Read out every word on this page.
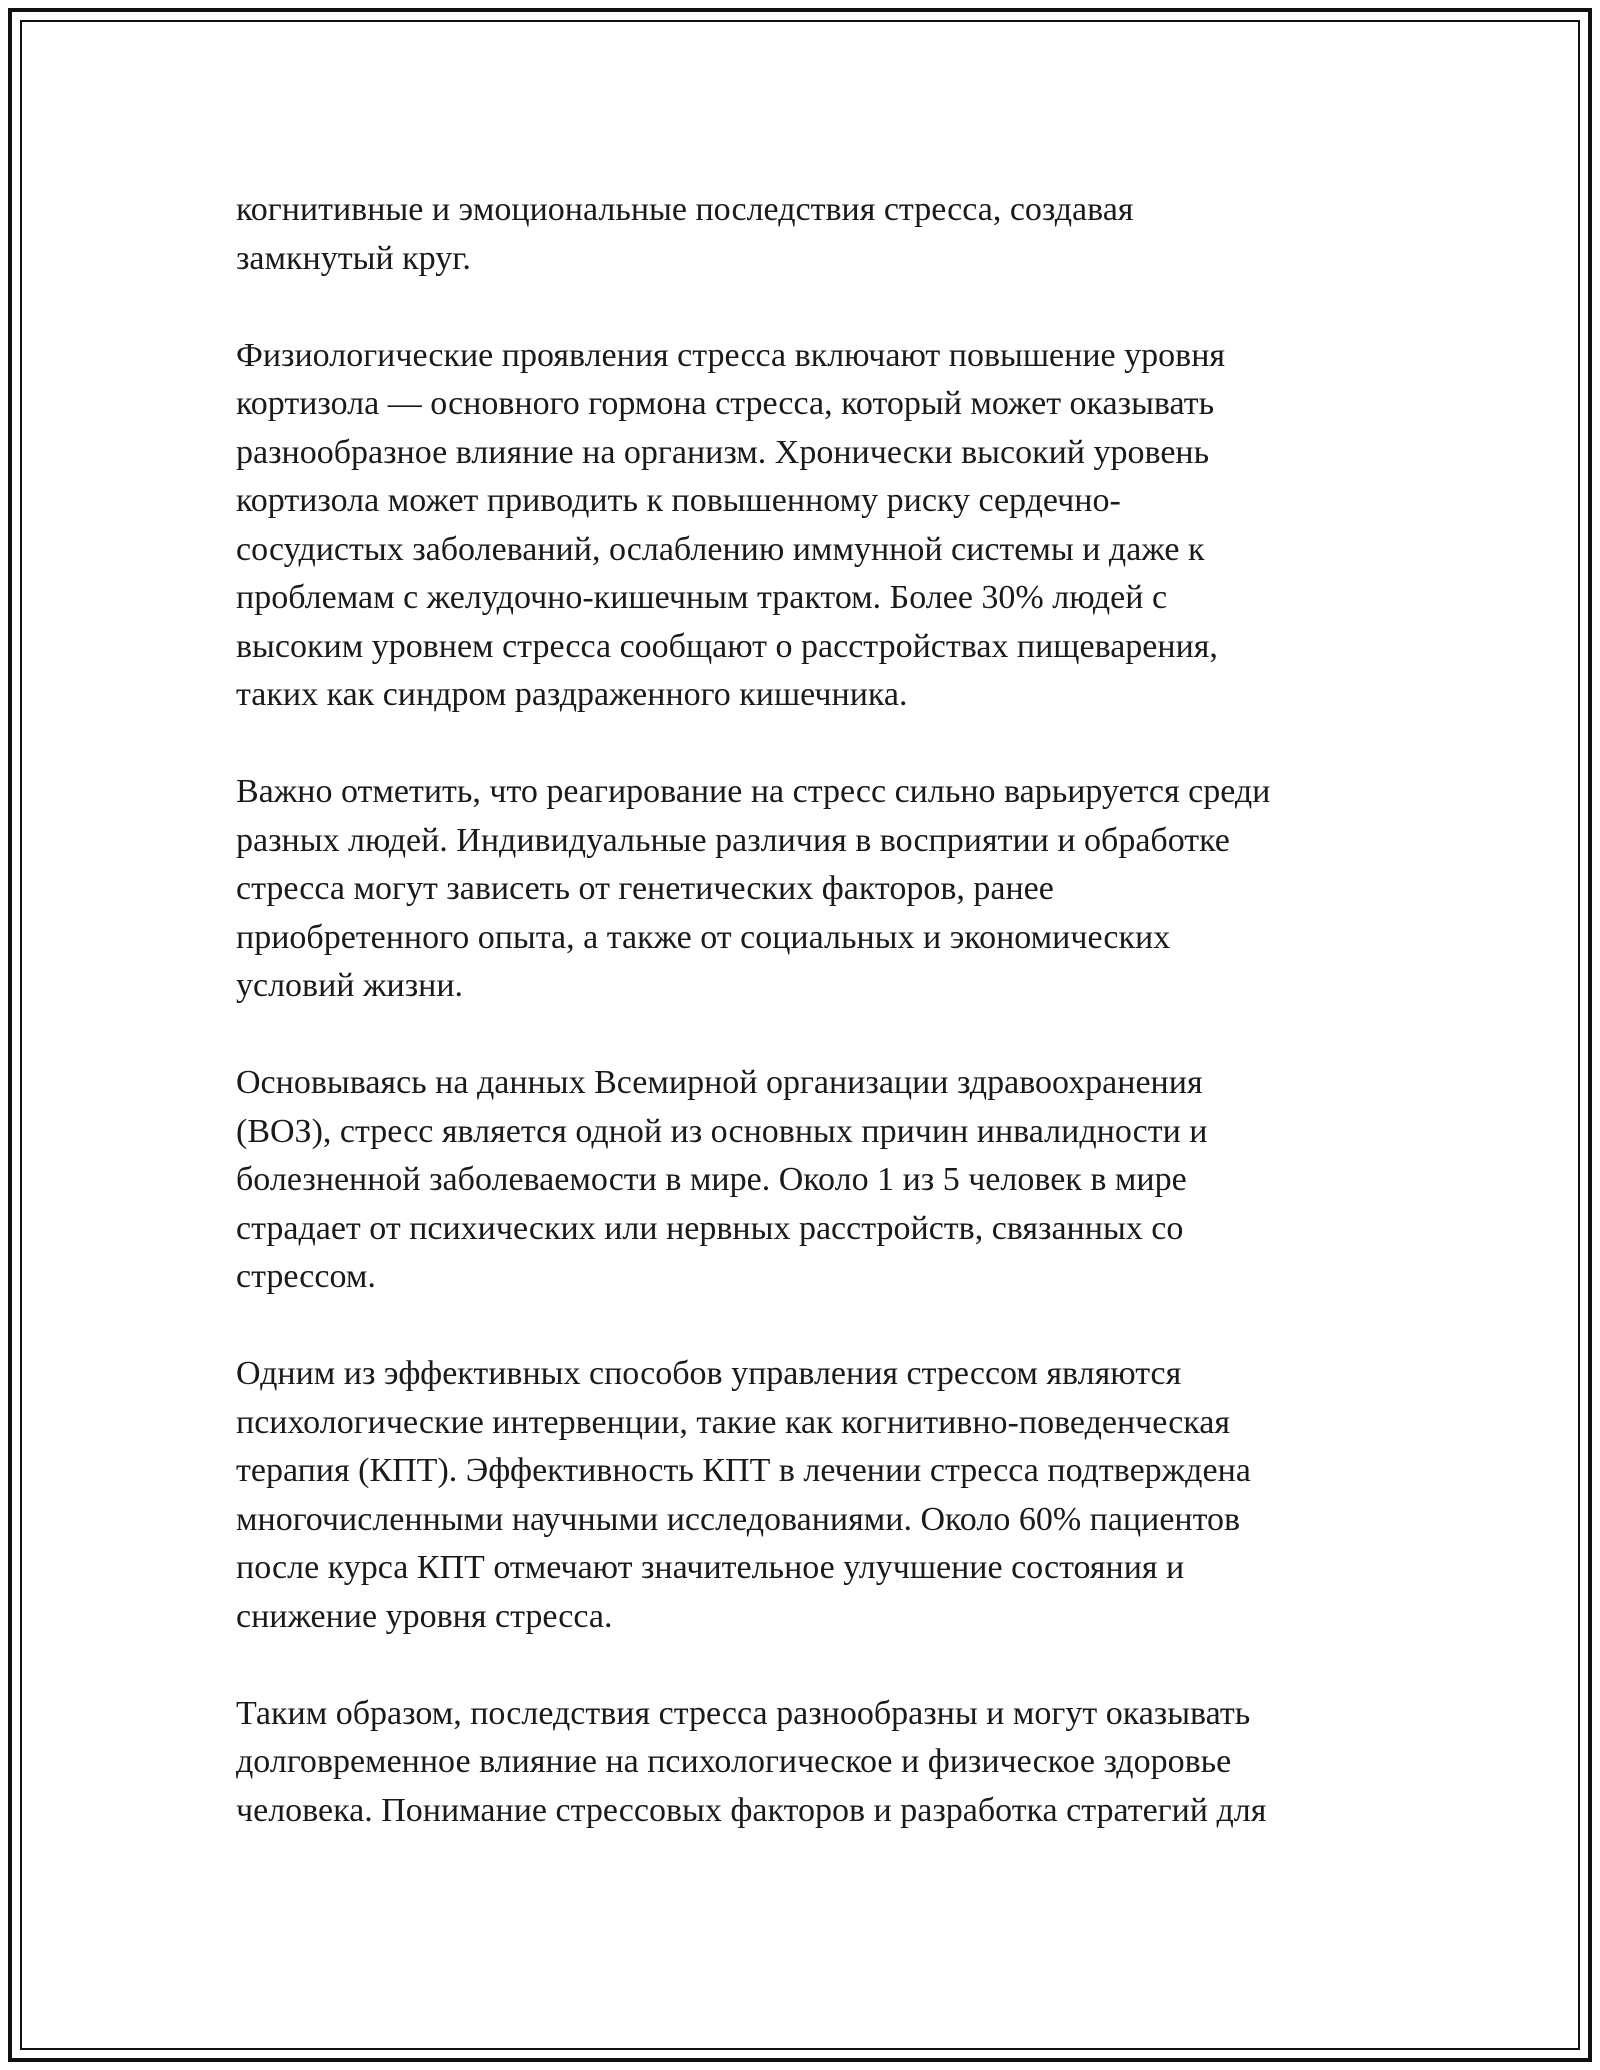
когнитивные и эмоциональные последствия стресса, создавая
замкнутый круг.
Физиологические проявления стресса включают повышение уровня
кортизола — основного гормона стресса, который может оказывать
разнообразное влияние на организм. Хронически высокий уровень
кортизола может приводить к повышенному риску сердечно-
сосудистых заболеваний, ослаблению иммунной системы и даже к
проблемам с желудочно-кишечным трактом. Более 30% людей с
высоким уровнем стресса сообщают о расстройствах пищеварения,
таких как синдром раздраженного кишечника.
Важно отметить, что реагирование на стресс сильно варьируется среди
разных людей. Индивидуальные различия в восприятии и обработке
стресса могут зависеть от генетических факторов, ранее
приобретенного опыта, а также от социальных и экономических
условий жизни.
Основываясь на данных Всемирной организации здравоохранения
(ВОЗ), стресс является одной из основных причин инвалидности и
болезненной заболеваемости в мире. Около 1 из 5 человек в мире
страдает от психических или нервных расстройств, связанных со
стрессом.
Одним из эффективных способов управления стрессом являются
психологические интервенции, такие как когнитивно-поведенческая
терапия (КПТ). Эффективность КПТ в лечении стресса подтверждена
многочисленными научными исследованиями. Около 60% пациентов
после курса КПТ отмечают значительное улучшение состояния и
снижение уровня стресса.
Таким образом, последствия стресса разнообразны и могут оказывать
долговременное влияние на психологическое и физическое здоровье
человека. Понимание стрессовых факторов и разработка стратегий для
